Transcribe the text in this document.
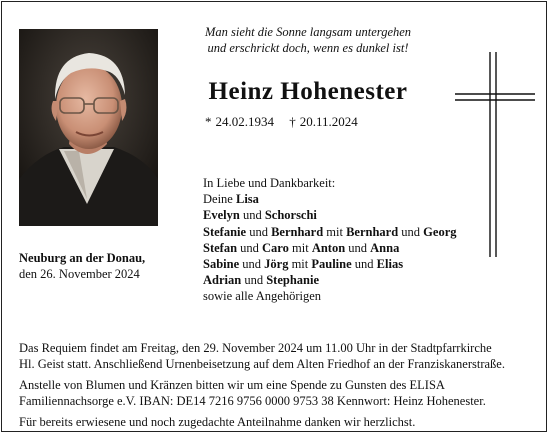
Man sieht die Sonne langsam untergehen
und erschrickt doch, wenn es dunkel ist!
Heinz Hohenester
* 24.02.1934 † 20.11.2024
Neuburg an der Donau,
den 26. November 2024
In Liebe und Dankbarkeit:
Deine Lisa
Evelyn und Schorschi
Stefanie und Bernhard mit Bernhard und Georg
Stefan und Caro mit Anton und Anna
Sabine und Jörg mit Pauline und Elias
Adrian und Stephanie
sowie alle Angehörigen

Das Requiem findet am Freitag, den 29. November 2024 um 11.00 Uhr in der Stadtpfarrkirche
Hl. Geist statt. Anschließend Urnenbeisetzung auf dem Alten Friedhof an der Franziskanerstraße.

Anstelle von Blumen und Kränzen bitten wir um eine Spende zu Gunsten des ELISA
Familiennachsorge e.V. IBAN: DE14 7216 9756 0000 9753 38 Kennwort: Heinz Hohenester.

Für bereits erwiesene und noch zugedachte Anteilnahme danken wir herzlichst.
